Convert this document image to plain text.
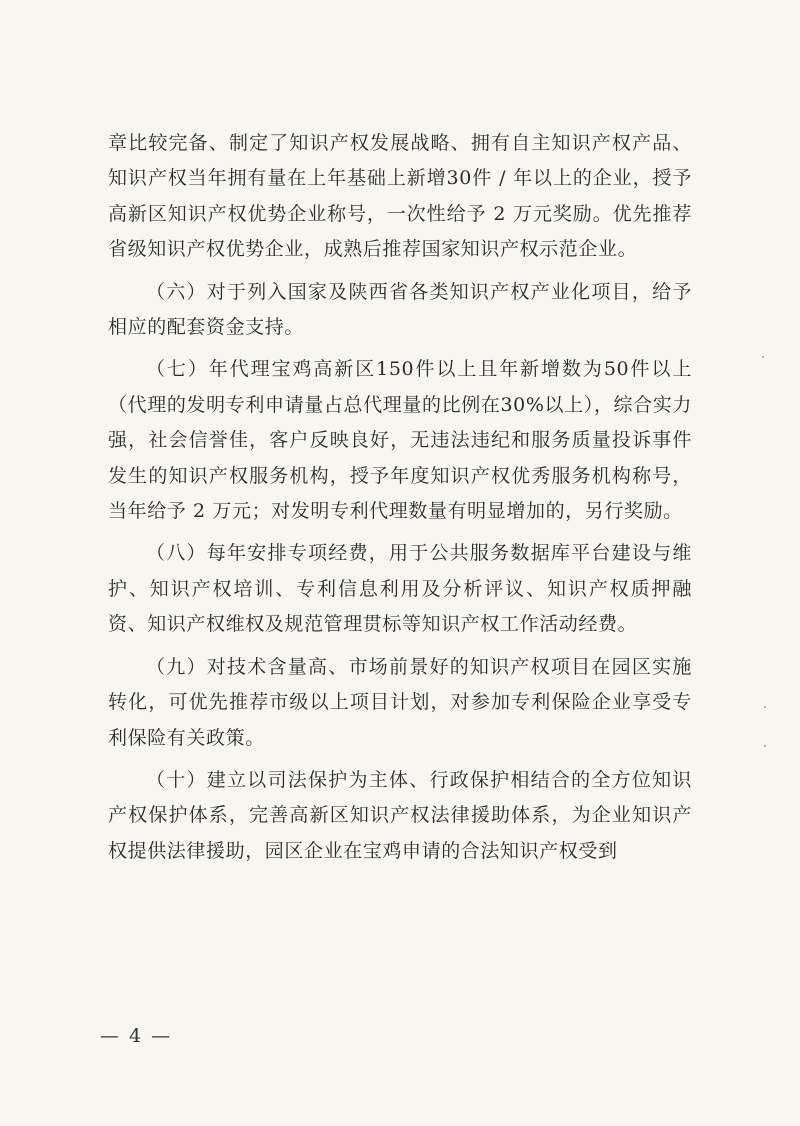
章比较完备、制定了知识产权发展战略、拥有自主知识产权产品、知识产权当年拥有量在上年基础上新增30件 / 年以上的企业，授予高新区知识产权优势企业称号，一次性给予 2 万元奖励。优先推荐省级知识产权优势企业，成熟后推荐国家知识产权示范企业。

（六）对于列入国家及陕西省各类知识产权产业化项目，给予相应的配套资金支持。

（七）年代理宝鸡高新区150件以上且年新增数为50件以上（代理的发明专利申请量占总代理量的比例在30%以上），综合实力强，社会信誉佳，客户反映良好，无违法违纪和服务质量投诉事件发生的知识产权服务机构，授予年度知识产权优秀服务机构称号，当年给予 2 万元；对发明专利代理数量有明显增加的，另行奖励。

（八）每年安排专项经费，用于公共服务数据库平台建设与维护、知识产权培训、专利信息利用及分析评议、知识产权质押融资、知识产权维权及规范管理贯标等知识产权工作活动经费。

（九）对技术含量高、市场前景好的知识产权项目在园区实施转化，可优先推荐市级以上项目计划，对参加专利保险企业享受专利保险有关政策。

（十）建立以司法保护为主体、行政保护相结合的全方位知识产权保护体系，完善高新区知识产权法律援助体系，为企业知识产权提供法律援助，园区企业在宝鸡申请的合法知识产权受到

— 4 —
